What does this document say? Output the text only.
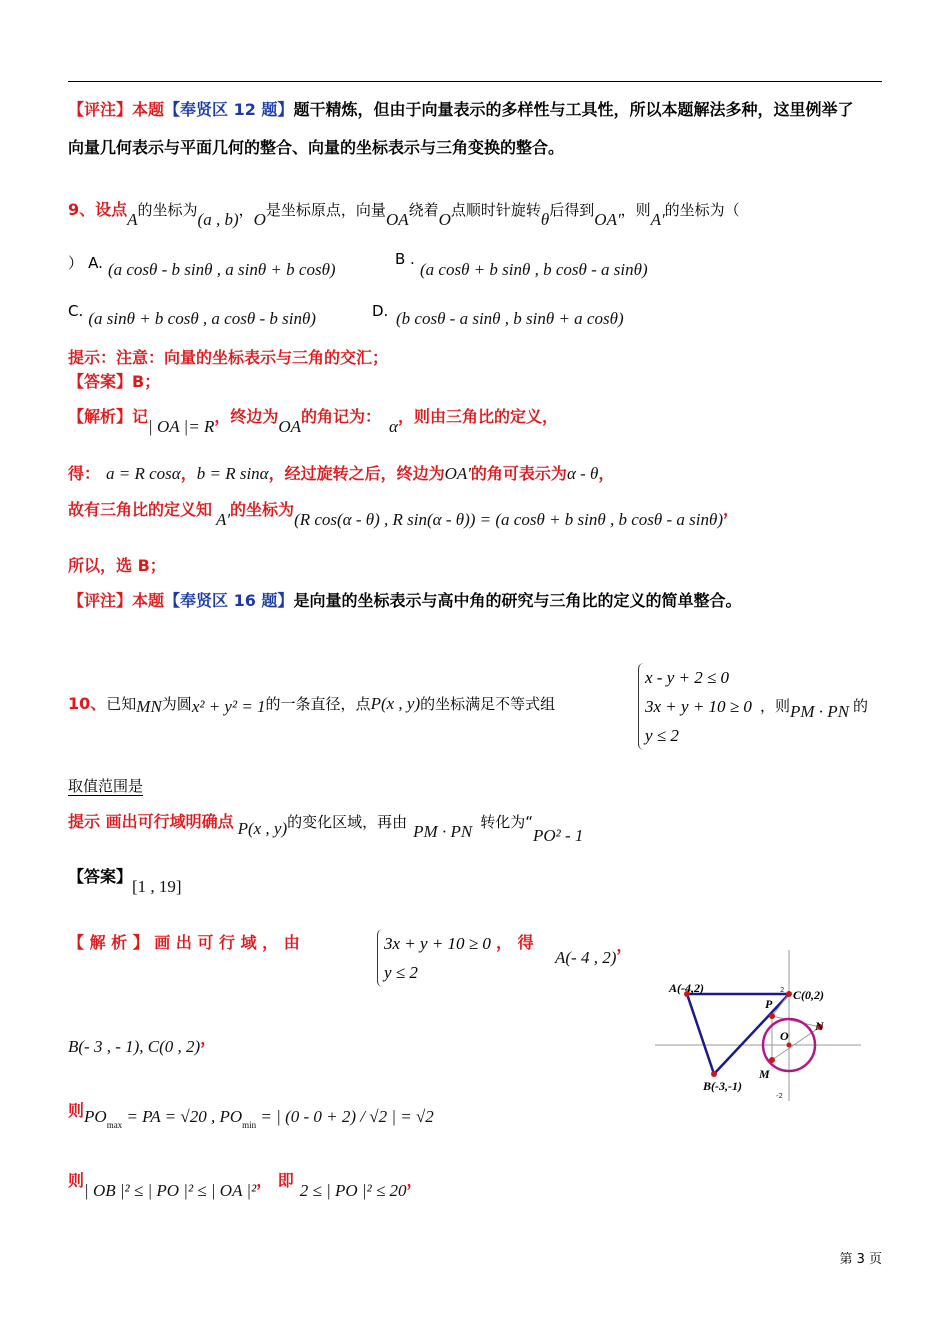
【评注】本题【奉贤区 12 题】题干精炼，但由于向量表示的多样性与工具性，所以本题解法多种，这里例举了
向量几何表示与平面几何的整合、向量的坐标表示与三角变换的整合。
9、设点A的坐标为(a , b)，O是坐标原点，向量OA绕着O点顺时针旋转θ后得到OA'，则A'的坐标为（
） A. (a cosθ - b sinθ , a sinθ + b cosθ)
B .
(a cosθ + b sinθ , b cosθ - a sinθ)
C. (a sinθ + b cosθ , a cosθ - b sinθ)	D. (b cosθ - a sinθ , b sinθ + a cosθ)
提示：注意：向量的坐标表示与三角的交汇；
【答案】B；
【解析】记| OA |= R，终边为OA的角记为：α，则由三角比的定义，
得： a = R cosα，b = R sinα，经过旋转之后，终边为OA'的角可表示为α - θ，
故有三角比的定义知A'的坐标为(R cos(α - θ) , R sin(α - θ)) = (a cosθ + b sinθ , b cosθ - a sinθ)，
所以，选 B；
【评注】本题【奉贤区 16 题】是向量的坐标表示与高中角的研究与三角比的定义的简单整合。
10、已知MN为圆x² + y² = 1的一条直径，点P(x , y)的坐标满足不等式组
x - y + 2 ≤ 0
3x + y + 10 ≥ 0
y ≤ 2
，则PM · PN 的
取值范围是
提示 画出可行域明确点 P(x , y)的变化区域，再由 PM · PN 转化为“PO² - 1
【答案】[1 , 19]
【 解 析 】 画 出 可 行 域 ， 由	3x + y + 10 ≥ 0
y ≤ 2
， 得
A(- 4 , 2)，
B(- 3 , - 1), C(0 , 2)，
则$PO_{max}$ = PA = √20 , $PO_{min}$ = | (0 - 0 + 2) / √2 | = √2
则| OB |² ≤ | PO |² ≤ | OA |²， 即2 ≤ | PO |² ≤ 20，
2
-2
A(-4,2)	C(0,2)
P
O
N
M
B(-3,-1)
第 3 页
